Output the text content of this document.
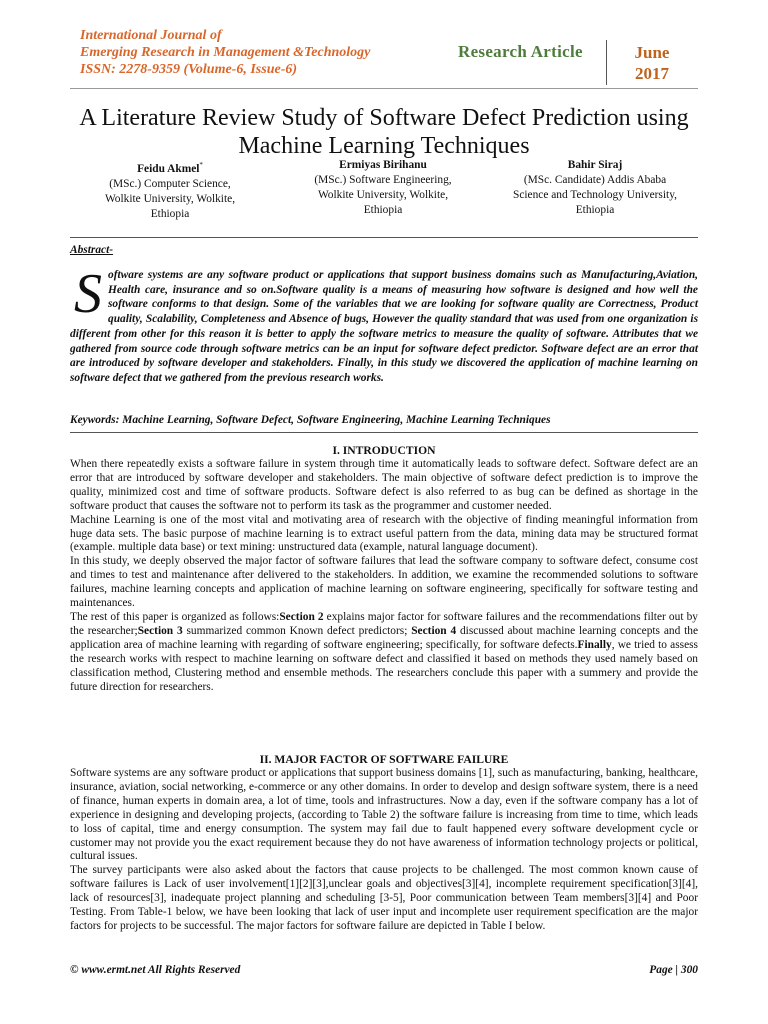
International Journal of
Emerging Research in Management &Technology
ISSN: 2278-9359 (Volume-6, Issue-6)
Research Article	June
2017
A Literature Review Study of Software Defect Prediction using Machine Learning Techniques
Feidu Akmel*
(MSc.) Computer Science,
Wolkite University, Wolkite,
Ethiopia
Ermiyas Birihanu
(MSc.) Software Engineering,
Wolkite University, Wolkite,
Ethiopia
Bahir Siraj
(MSc. Candidate) Addis Ababa
Science and Technology University,
Ethiopia
Abstract-
Software systems are any software product or applications that support business domains such as Manufacturing,Aviation, Health care, insurance and so on.Software quality is a means of measuring how software is designed and how well the software conforms to that design. Some of the variables that we are looking for software quality are Correctness, Product quality, Scalability, Completeness and Absence of bugs, However the quality standard that was used from one organization is different from other for this reason it is better to apply the software metrics to measure the quality of software. Attributes that we gathered from source code through software metrics can be an input for software defect predictor. Software defect are an error that are introduced by software developer and stakeholders. Finally, in this study we discovered the application of machine learning on software defect that we gathered from the previous research works.
Keywords: Machine Learning, Software Defect, Software Engineering, Machine Learning Techniques
I. INTRODUCTION

When there repeatedly exists a software failure in system through time it automatically leads to software defect. Software defect are an error that are introduced by software developer and stakeholders. The main objective of software defect prediction is to improve the quality, minimized cost and time of software products. Software defect is also referred to as bug can be defined as shortage in the software product that causes the software not to perform its task as the programmer and customer needed.

Machine Learning is one of the most vital and motivating area of research with the objective of finding meaningful information from huge data sets. The basic purpose of machine learning is to extract useful pattern from the data, mining data may be structured format (example. multiple data base) or text mining: unstructured data (example, natural language document).

In this study, we deeply observed the major factor of software failures that lead the software company to software defect, consume cost and times to test and maintenance after delivered to the stakeholders. In addition, we examine the recommended solutions to software failures, machine learning concepts and application of machine learning on software engineering, specifically for software testing and maintenances.

The rest of this paper is organized as follows:Section 2 explains major factor for software failures and the recommendations filter out by the researcher;Section 3 summarized common Known defect predictors; Section 4 discussed about machine learning concepts and the application area of machine learning with regarding of software engineering; specifically, for software defects.Finally, we tried to assess the research works with respect to machine learning on software defect and classified it based on methods they used namely based on classification method, Clustering method and ensemble methods. The researchers conclude this paper with a summery and provide the future direction for researchers.

II. MAJOR FACTOR OF SOFTWARE FAILURE

Software systems are any software product or applications that support business domains [1], such as manufacturing, banking, healthcare, insurance, aviation, social networking, e-commerce or any other domains. In order to develop and design software system, there is a need of finance, human experts in domain area, a lot of time, tools and infrastructures. Now a day, even if the software company has a lot of experience in designing and developing projects, (according to Table 2) the software failure is increasing from time to time, which leads to loss of capital, time and energy consumption. The system may fail due to fault happened every software development cycle or customer may not provide you the exact requirement because they do not have awareness of information technology projects or political, cultural issues.

The survey participants were also asked about the factors that cause projects to be challenged. The most common known cause of software failures is Lack of user involvement[1][2][3],unclear goals and objectives[3][4], incomplete requirement specification[3][4], lack of resources[3], inadequate project planning and scheduling [3-5], Poor communication between Team members[3][4] and Poor Testing. From Table-1 below, we have been looking that lack of user input and incomplete user requirement specification are the major factors for projects to be successful. The major factors for software failure are depicted in Table I below.

© www.ermt.net All Rights Reserved	Page | 300
